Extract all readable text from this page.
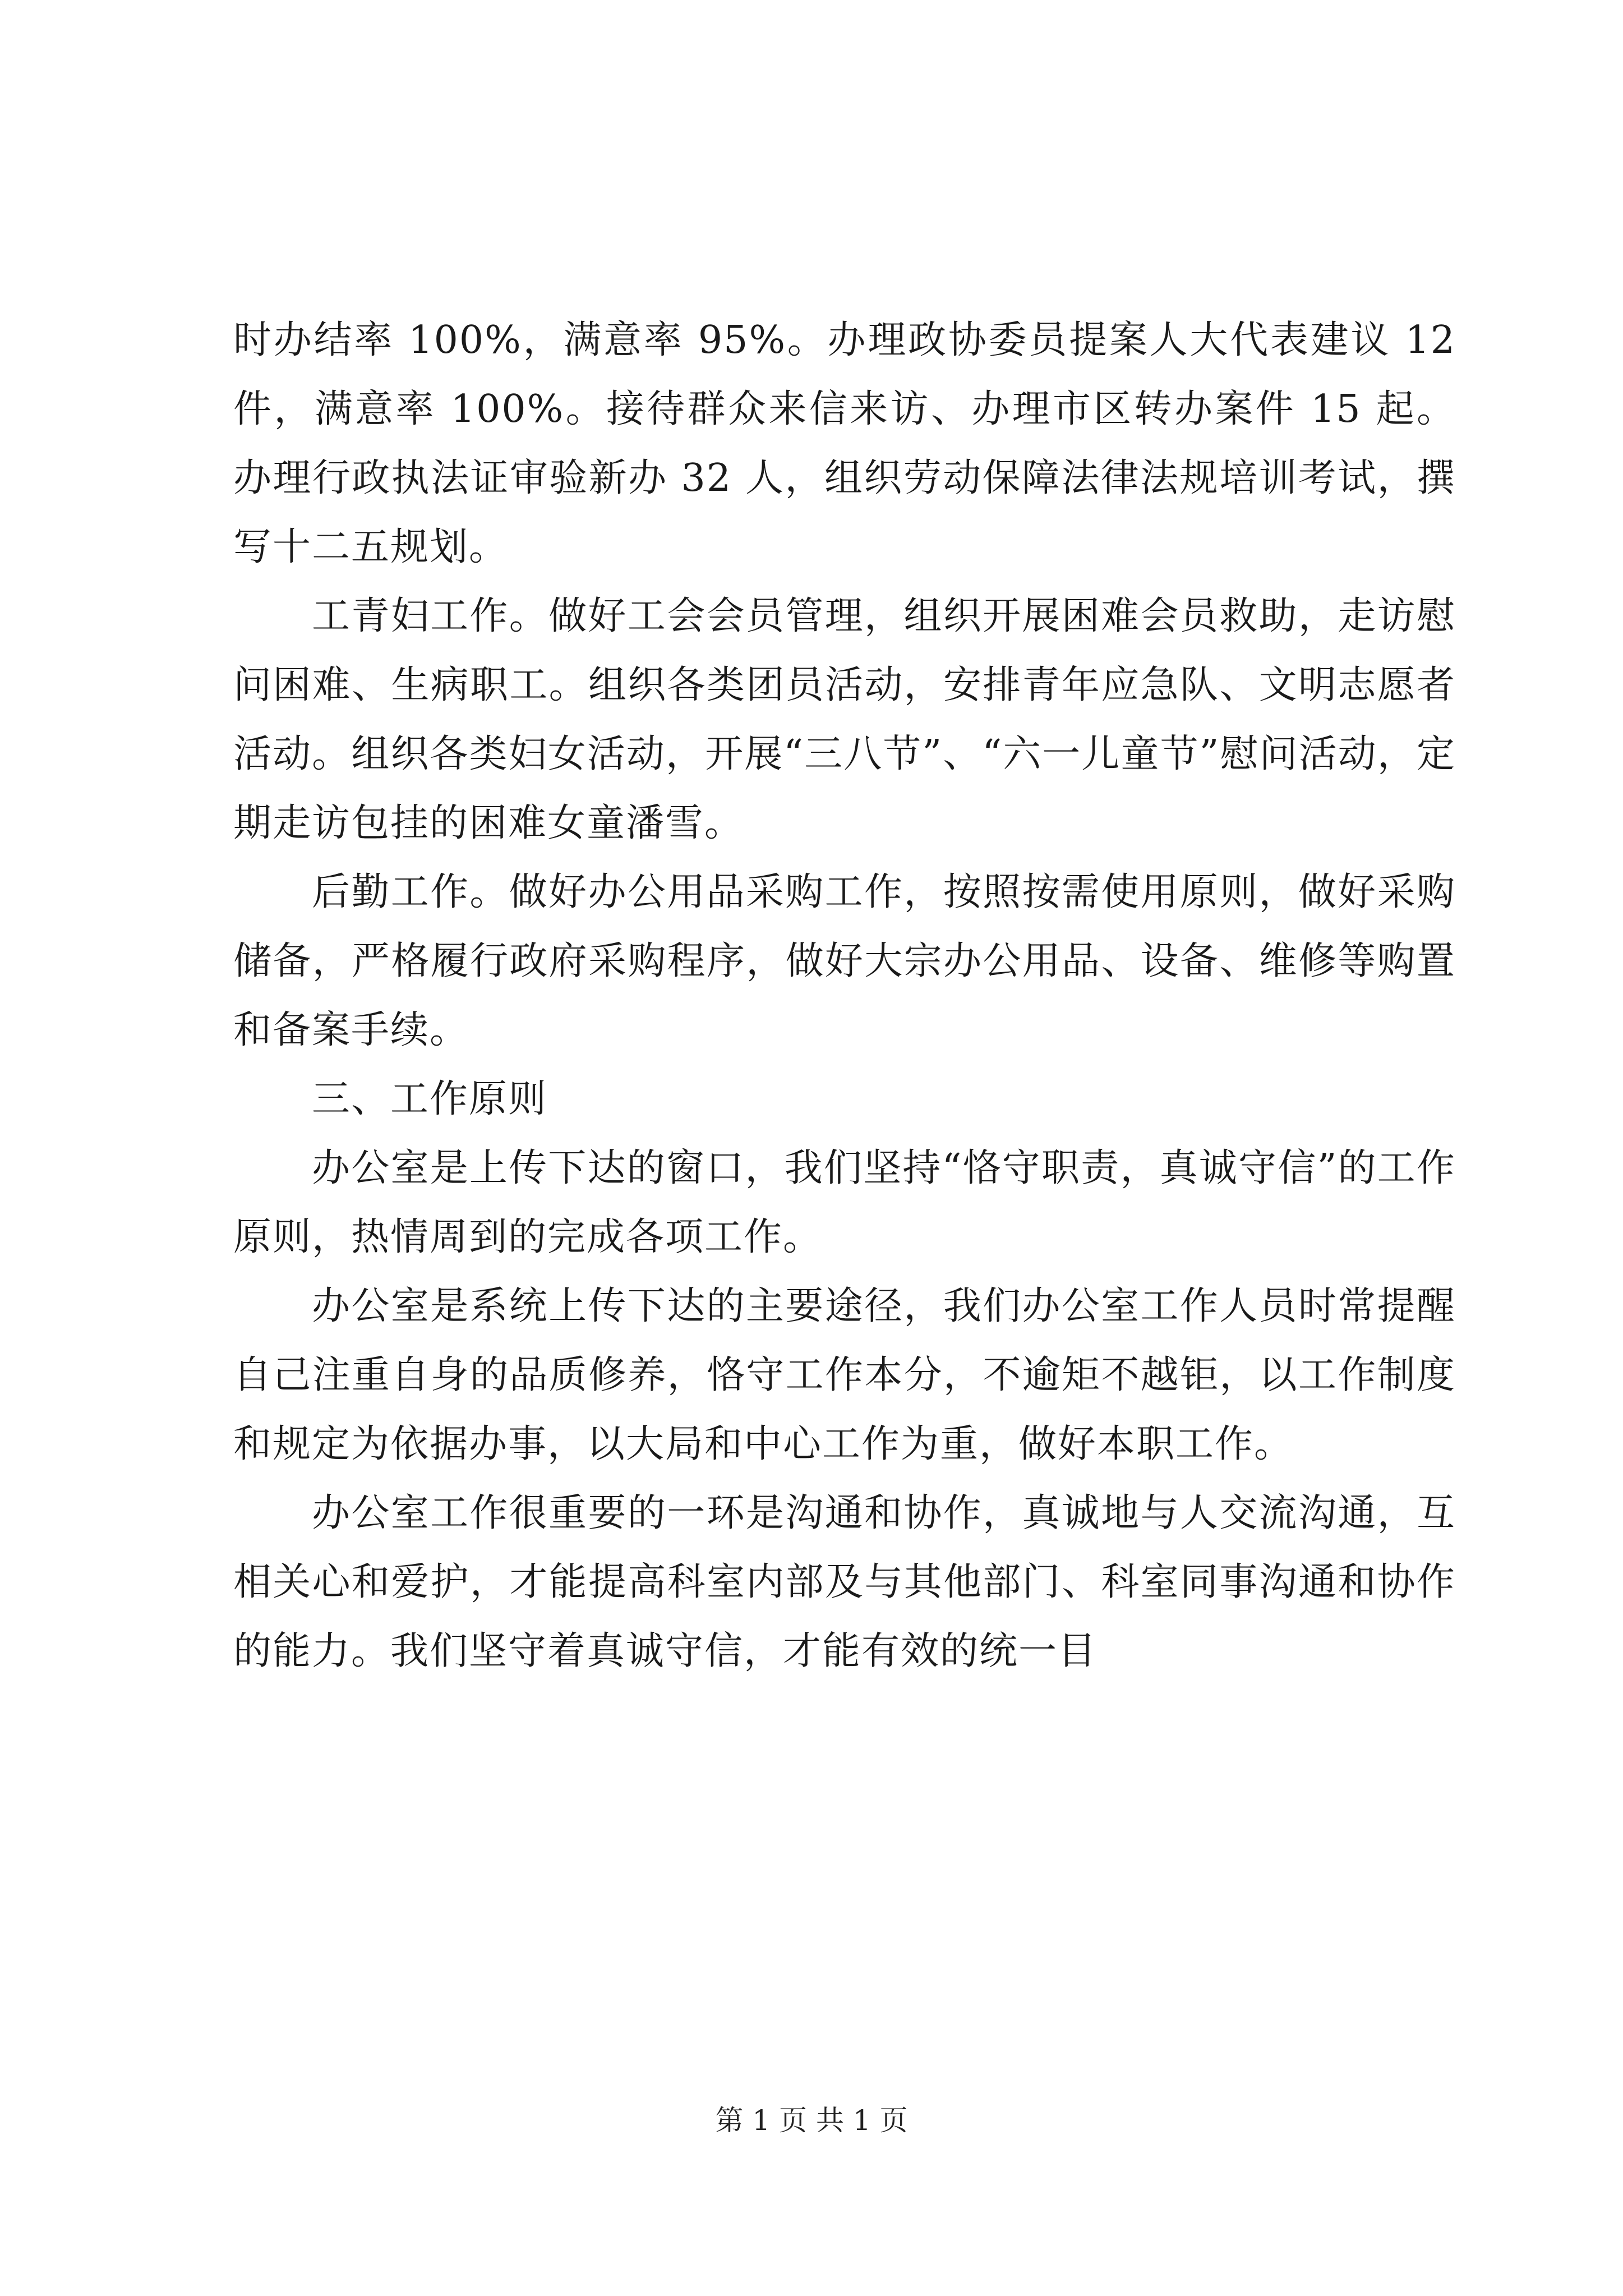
时办结率 100%，满意率 95%。办理政协委员提案人大代表建议 12 件，满意率 100%。接待群众来信来访、办理市区转办案件 15 起。办理行政执法证审验新办 32 人，组织劳动保障法律法规培训考试，撰写十二五规划。

工青妇工作。做好工会会员管理，组织开展困难会员救助，走访慰问困难、生病职工。组织各类团员活动，安排青年应急队、文明志愿者活动。组织各类妇女活动，开展“三八节”、“六一儿童节”慰问活动，定期走访包挂的困难女童潘雪。

后勤工作。做好办公用品采购工作，按照按需使用原则，做好采购储备，严格履行政府采购程序，做好大宗办公用品、设备、维修等购置和备案手续。

三、工作原则

办公室是上传下达的窗口，我们坚持“恪守职责，真诚守信”的工作原则，热情周到的完成各项工作。

办公室是系统上传下达的主要途径，我们办公室工作人员时常提醒自己注重自身的品质修养，恪守工作本分，不逾矩不越钜，以工作制度和规定为依据办事，以大局和中心工作为重，做好本职工作。

办公室工作很重要的一环是沟通和协作，真诚地与人交流沟通，互相关心和爱护，才能提高科室内部及与其他部门、科室同事沟通和协作的能力。我们坚守着真诚守信，才能有效的统一目

第 1 页 共 1 页
